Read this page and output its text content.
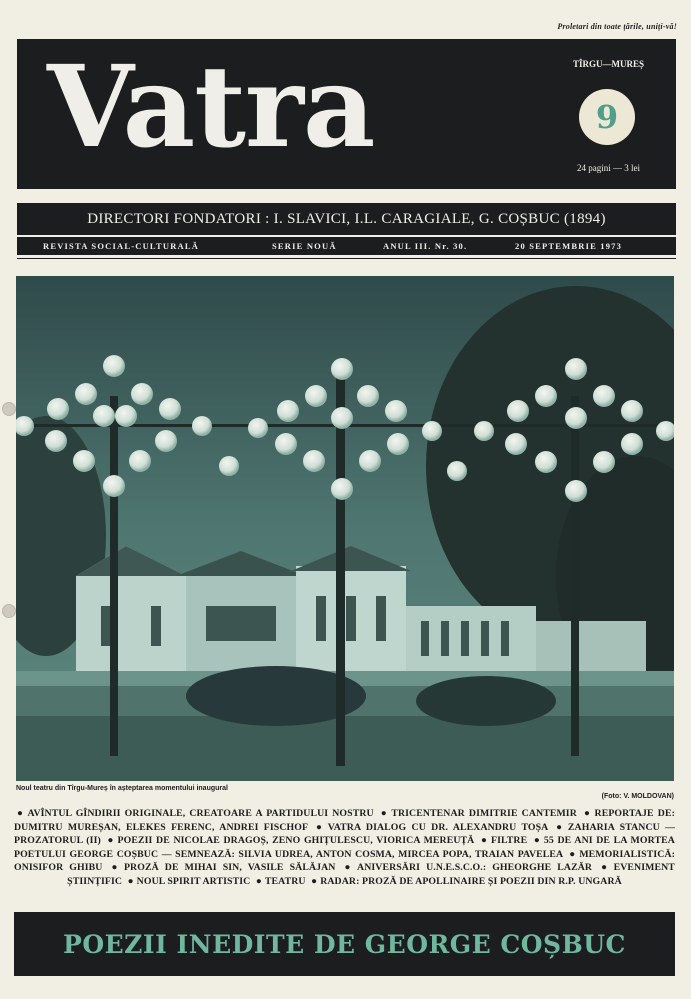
Proletari din toate țările, uniți-vă!
Vatra	TÎRGU—MUREȘ
9
24 pagini — 3 lei
DIRECTORI FONDATORI : I. SLAVICI, I.L. CARAGIALE, G. COȘBUC (1894)
REVISTA SOCIAL-CULTURALĂ	SERIE NOUĂ	ANUL III. Nr. 30.	20 SEPTEMBRIE 1973
Noul teatru din Tîrgu-Mureș în așteptarea momentului inaugural
(Foto: V. MOLDOVAN)
● AVÎNTUL GÎNDIRII ORIGINALE, CREATOARE A PARTIDULUI NOSTRU ● TRICENTENAR DIMITRIE CANTEMIR ● REPORTAJE DE: DUMITRU MUREȘAN, ELEKES FERENC, ANDREI FISCHOF ● VATRA DIALOG CU DR. ALEXANDRU TOȘA ● ZAHARIA STANCU — PROZATORUL (II) ● POEZII DE NICOLAE DRAGOȘ, ZENO GHIȚULESCU, VIORICA MEREUȚĂ ● FILTRE ● 55 DE ANI DE LA MORTEA POETULUI GEORGE COȘBUC — SEMNEAZĂ: SILVIA UDREA, ANTON COSMA, MIRCEA POPA, TRAIAN PAVELEA ● MEMORIALISTICĂ: ONISIFOR GHIBU ● PROZĂ DE MIHAI SIN, VASILE SĂLĂJAN ● ANIVERSĂRI U.N.E.S.C.O.: GHEORGHE LAZĂR ● EVENIMENT ȘTIINȚIFIC ● NOUL SPIRIT ARTISTIC ● TEATRU ● RADAR: PROZĂ DE APOLLINAIRE ȘI POEZII DIN R.P. UNGARĂ
POEZII INEDITE DE GEORGE COȘBUC
